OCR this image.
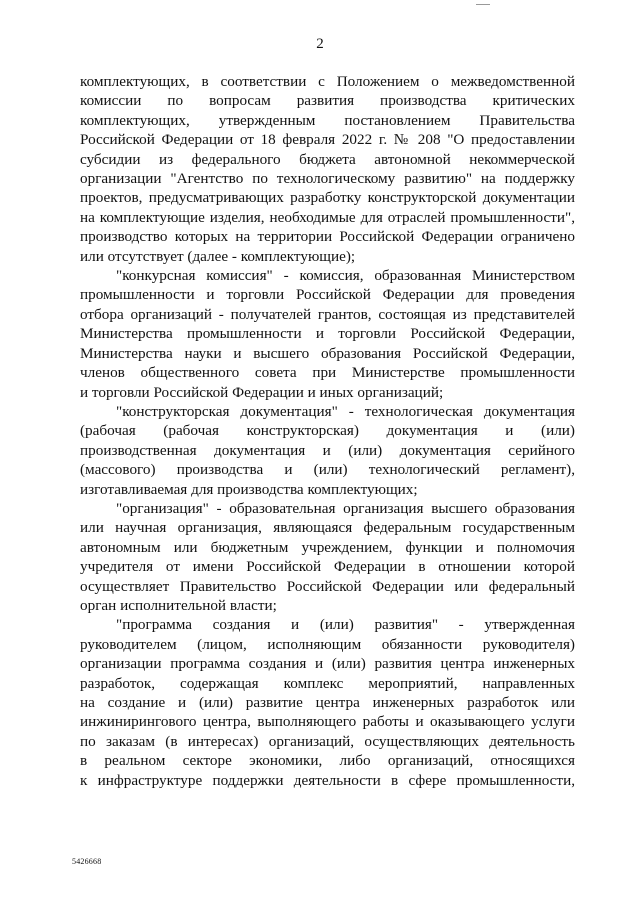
2

комплектующих, в соответствии с Положением о межведомственной

комиссии по вопросам развития производства критических

комплектующих, утвержденным постановлением Правительства

Российской Федерации от 18 февраля 2022 г. № 208 "О предоставлении

субсидии из федерального бюджета автономной некоммерческой

организации "Агентство по технологическому развитию" на поддержку

проектов, предусматривающих разработку конструкторской документации

на комплектующие изделия, необходимые для отраслей промышленности",

производство которых на территории Российской Федерации ограничено

или отсутствует (далее - комплектующие);

"конкурсная комиссия" - комиссия, образованная Министерством

промышленности и торговли Российской Федерации для проведения

отбора организаций - получателей грантов, состоящая из представителей

Министерства промышленности и торговли Российской Федерации,

Министерства науки и высшего образования Российской Федерации,

членов общественного совета при Министерстве промышленности

и торговли Российской Федерации и иных организаций;

"конструкторская документация" - технологическая документация

(рабочая (рабочая конструкторская) документация и (или)

производственная документация и (или) документация серийного

(массового) производства и (или) технологический регламент),

изготавливаемая для производства комплектующих;

"организация" - образовательная организация высшего образования

или научная организация, являющаяся федеральным государственным

автономным или бюджетным учреждением, функции и полномочия

учредителя от имени Российской Федерации в отношении которой

осуществляет Правительство Российской Федерации или федеральный

орган исполнительной власти;

"программа создания и (или) развития" - утвержденная

руководителем (лицом, исполняющим обязанности руководителя)

организации программа создания и (или) развития центра инженерных

разработок, содержащая комплекс мероприятий, направленных

на создание и (или) развитие центра инженерных разработок или

инжинирингового центра, выполняющего работы и оказывающего услуги

по заказам (в интересах) организаций, осуществляющих деятельность

в реальном секторе экономики, либо организаций, относящихся

к инфраструктуре поддержки деятельности в сфере промышленности,

5426668
